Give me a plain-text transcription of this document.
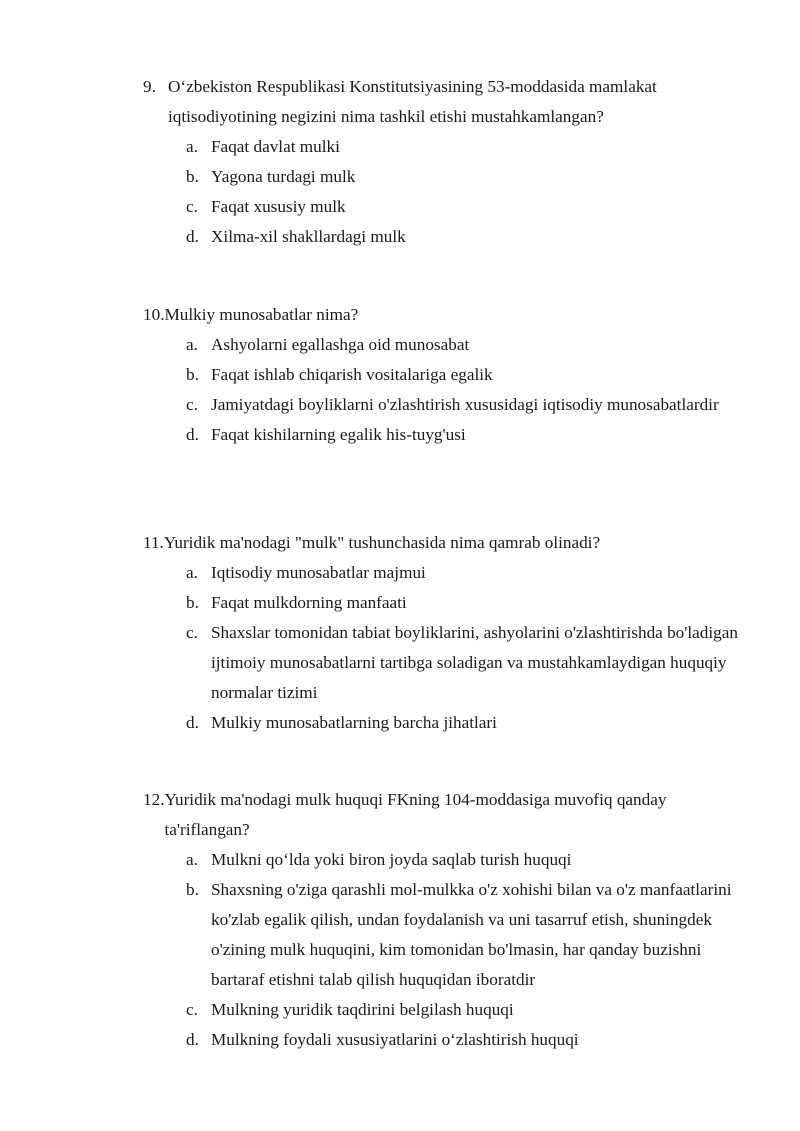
9. O‘zbekiston Respublikasi Konstitutsiyasining 53-moddasida mamlakat iqtisodiyotining negizini nima tashkil etishi mustahkamlangan?
a. Faqat davlat mulki
b. Yagona turdagi mulk
c. Faqat xususiy mulk
d. Xilma-xil shakllardagi mulk
10. Mulkiy munosabatlar nima?
a. Ashyolarni egallashga oid munosabat
b. Faqat ishlab chiqarish vositalariga egalik
c. Jamiyatdagi boyliklarni o'zlashtirish xususidagi iqtisodiy munosabatlardir
d. Faqat kishilarning egalik his-tuyg'usi
11. Yuridik ma'nodagi "mulk" tushunchasida nima qamrab olinadi?
a. Iqtisodiy munosabatlar majmui
b. Faqat mulkdorning manfaati
c. Shaxslar tomonidan tabiat boyliklarini, ashyolarini o'zlashtirishda bo'ladigan ijtimoiy munosabatlarni tartibga soladigan va mustahkamlaydigan huquqiy normalar tizimi
d. Mulkiy munosabatlarning barcha jihatlari
12. Yuridik ma'nodagi mulk huquqi FKning 104-moddasiga muvofiq qanday ta'riflangan?
a. Mulkni qo‘lda yoki biron joyda saqlab turish huquqi
b. Shaxsning o'ziga qarashli mol-mulkka o'z xohishi bilan va o'z manfaatlarini ko'zlab egalik qilish, undan foydalanish va uni tasarruf etish, shuningdek o'zining mulk huquqini, kim tomonidan bo'lmasin, har qanday buzishni bartaraf etishni talab qilish huquqidan iboratdir
c. Mulkning yuridik taqdirini belgilash huquqi
d. Mulkning foydali xususiyatlarini o‘zlashtirish huquqi
